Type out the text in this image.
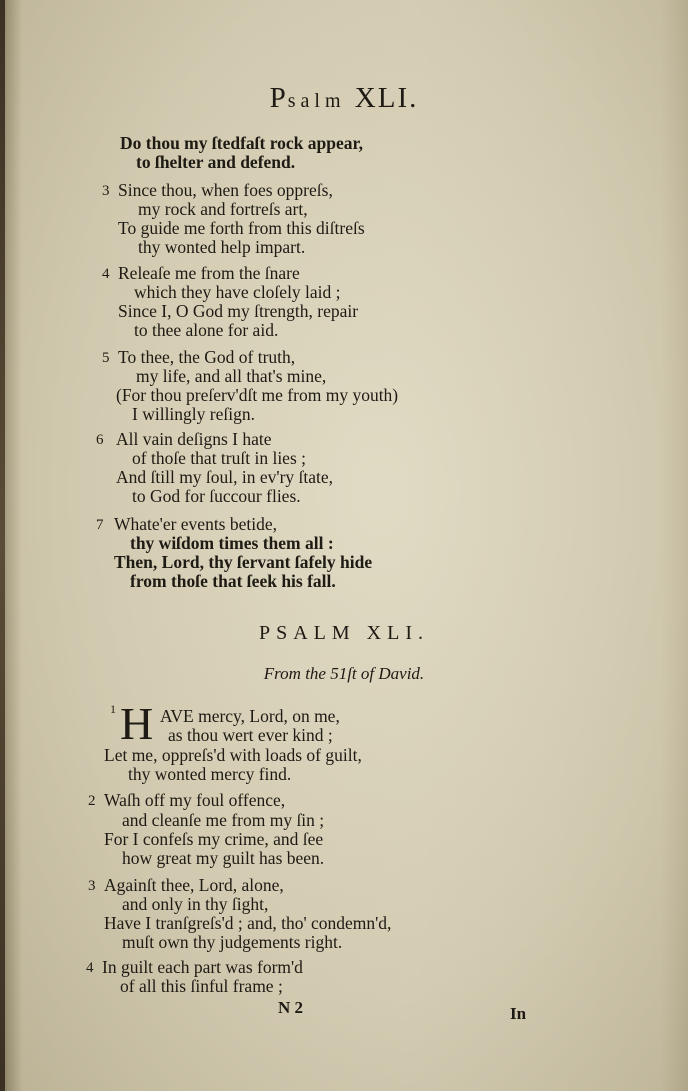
Psalm XLI.
Do thou my ſtedfaſt rock appear,
to ſhelter and defend.
3 Since thou, when foes oppreſs,
my rock and fortreſs art,
To guide me forth from this diſtreſs
thy wonted help impart.
4 Releaſe me from the ſnare
which they have cloſely laid ;
Since I, O God my ſtrength, repair
to thee alone for aid.
5 To thee, the God of truth,
my life, and all that's mine,
(For thou preſerv'dſt me from my youth)
I willingly reſign.
6 All vain deſigns I hate
of thoſe that truſt in lies ;
And ſtill my ſoul, in ev'ry ſtate,
to God for ſuccour flies.
7 Whate'er events betide,
thy wiſdom times them all :
Then, Lord, thy ſervant ſafely hide
from thoſe that ſeek his fall.
PSALM XLI.
From the 51ſt of David.
1 H AVE mercy, Lord, on me,
as thou wert ever kind ;
Let me, oppreſs'd with loads of guilt,
thy wonted mercy find.
2 Waſh off my foul offence,
and cleanſe me from my ſin ;
For I confeſs my crime, and ſee
how great my guilt has been.
3 Againſt thee, Lord, alone,
and only in thy ſight,
Have I tranſgreſs'd ; and, tho' condemn'd,
muſt own thy judgements right.
4 In guilt each part was form'd
of all this ſinful frame ;
N 2	In
